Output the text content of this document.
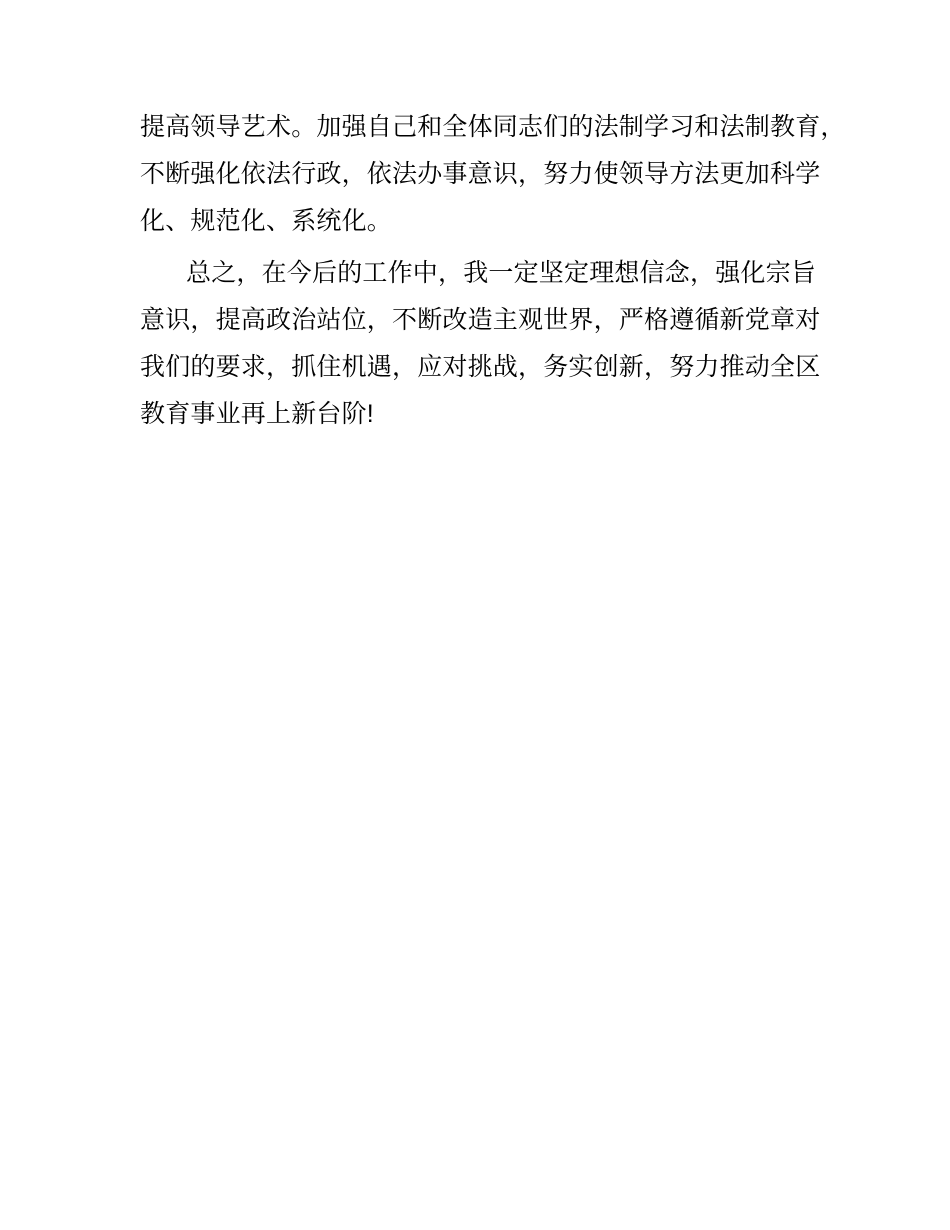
提高领导艺术。加强自己和全体同志们的法制学习和法制教育，
不断强化依法行政，依法办事意识，努力使领导方法更加科学
化、规范化、系统化。
总之，在今后的工作中，我一定坚定理想信念，强化宗旨
意识，提高政治站位，不断改造主观世界，严格遵循新党章对
我们的要求，抓住机遇，应对挑战，务实创新，努力推动全区
教育事业再上新台阶!
